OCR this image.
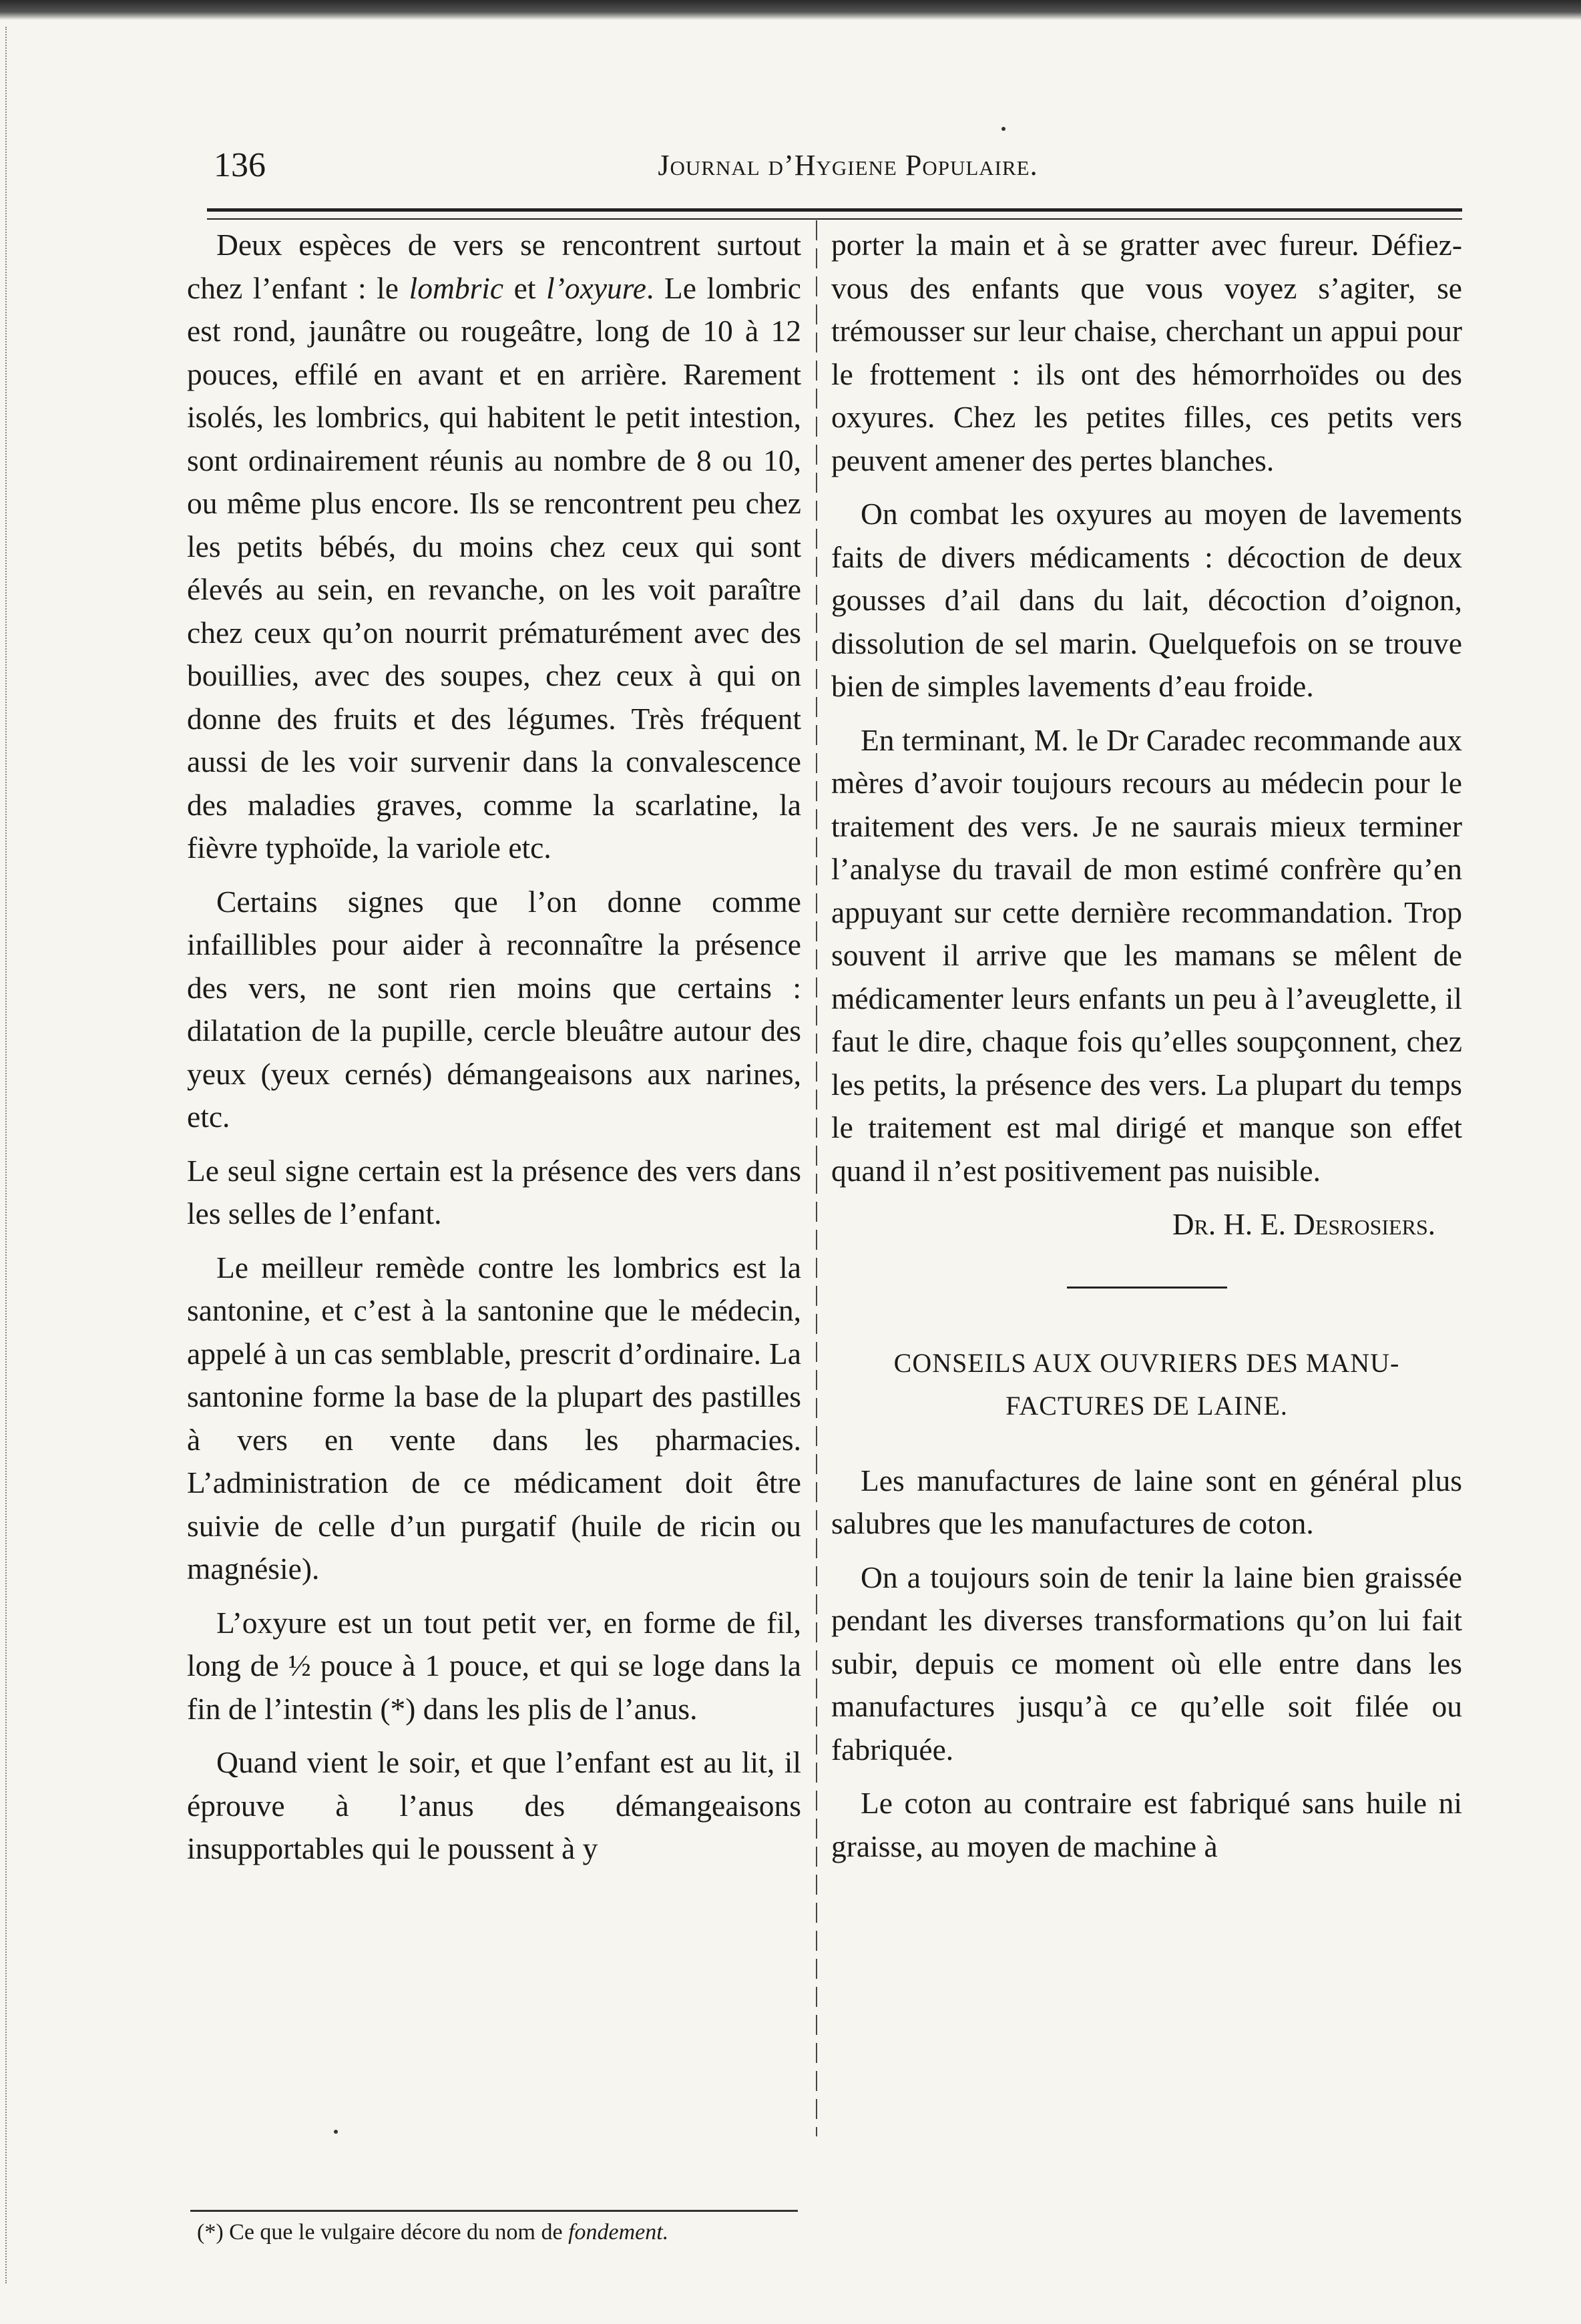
136	Journal d’Hygiene Populaire.

Deux espèces de vers se rencontrent surtout chez l’enfant : le lombric et l’oxyure. Le lombric est rond, jaunâtre ou rougeâtre, long de 10 à 12 pouces, effilé en avant et en arrière. Rarement isolés, les lombrics, qui habitent le petit intestion, sont ordinairement réunis au nombre de 8 ou 10, ou même plus encore. Ils se rencontrent peu chez les petits bébés, du moins chez ceux qui sont élevés au sein, en revanche, on les voit paraître chez ceux qu’on nourrit prématurément avec des bouillies, avec des soupes, chez ceux à qui on donne des fruits et des légumes. Très fréquent aussi de les voir survenir dans la convalescence des maladies graves, comme la scarlatine, la fièvre typhoïde, la variole etc.

Certains signes que l’on donne comme infaillibles pour aider à reconnaître la présence des vers, ne sont rien moins que certains : dilatation de la pupille, cercle bleuâtre autour des yeux (yeux cernés) démangeaisons aux narines, etc.

Le seul signe certain est la présence des vers dans les selles de l’enfant.

Le meilleur remède contre les lombrics est la santonine, et c’est à la santonine que le médecin, appelé à un cas semblable, prescrit d’ordinaire. La santonine forme la base de la plupart des pastilles à vers en vente dans les pharmacies. L’administration de ce médicament doit être suivie de celle d’un purgatif (huile de ricin ou magnésie).

L’oxyure est un tout petit ver, en forme de fil, long de ½ pouce à 1 pouce, et qui se loge dans la fin de l’intestin (*) dans les plis de l’anus.

Quand vient le soir, et que l’enfant est au lit, il éprouve à l’anus des démangeaisons insupportables qui le poussent à y

porter la main et à se gratter avec fureur. Défiez-vous des enfants que vous voyez s’agiter, se trémousser sur leur chaise, cherchant un appui pour le frottement : ils ont des hémorrhoïdes ou des oxyures. Chez les petites filles, ces petits vers peuvent amener des pertes blanches.

On combat les oxyures au moyen de lavements faits de divers médicaments : décoction de deux gousses d’ail dans du lait, décoction d’oignon, dissolution de sel marin. Quelquefois on se trouve bien de simples lavements d’eau froide.

En terminant, M. le Dr Caradec recommande aux mères d’avoir toujours recours au médecin pour le traitement des vers. Je ne saurais mieux terminer l’analyse du travail de mon estimé confrère qu’en appuyant sur cette dernière recommandation. Trop souvent il arrive que les mamans se mêlent de médicamenter leurs enfants un peu à l’aveuglette, il faut le dire, chaque fois qu’elles soupçonnent, chez les petits, la présence des vers. La plupart du temps le traitement est mal dirigé et manque son effet quand il n’est positivement pas nuisible.

Dr. H. E. Desrosiers.
CONSEILS AUX OUVRIERS DES MANU-
FACTURES DE LAINE.

Les manufactures de laine sont en général plus salubres que les manufactures de coton.

On a toujours soin de tenir la laine bien graissée pendant les diverses transformations qu’on lui fait subir, depuis ce moment où elle entre dans les manufactures jusqu’à ce qu’elle soit filée ou fabriquée.

Le coton au contraire est fabriqué sans huile ni graisse, au moyen de machine à

(*) Ce que le vulgaire décore du nom de fondement.
